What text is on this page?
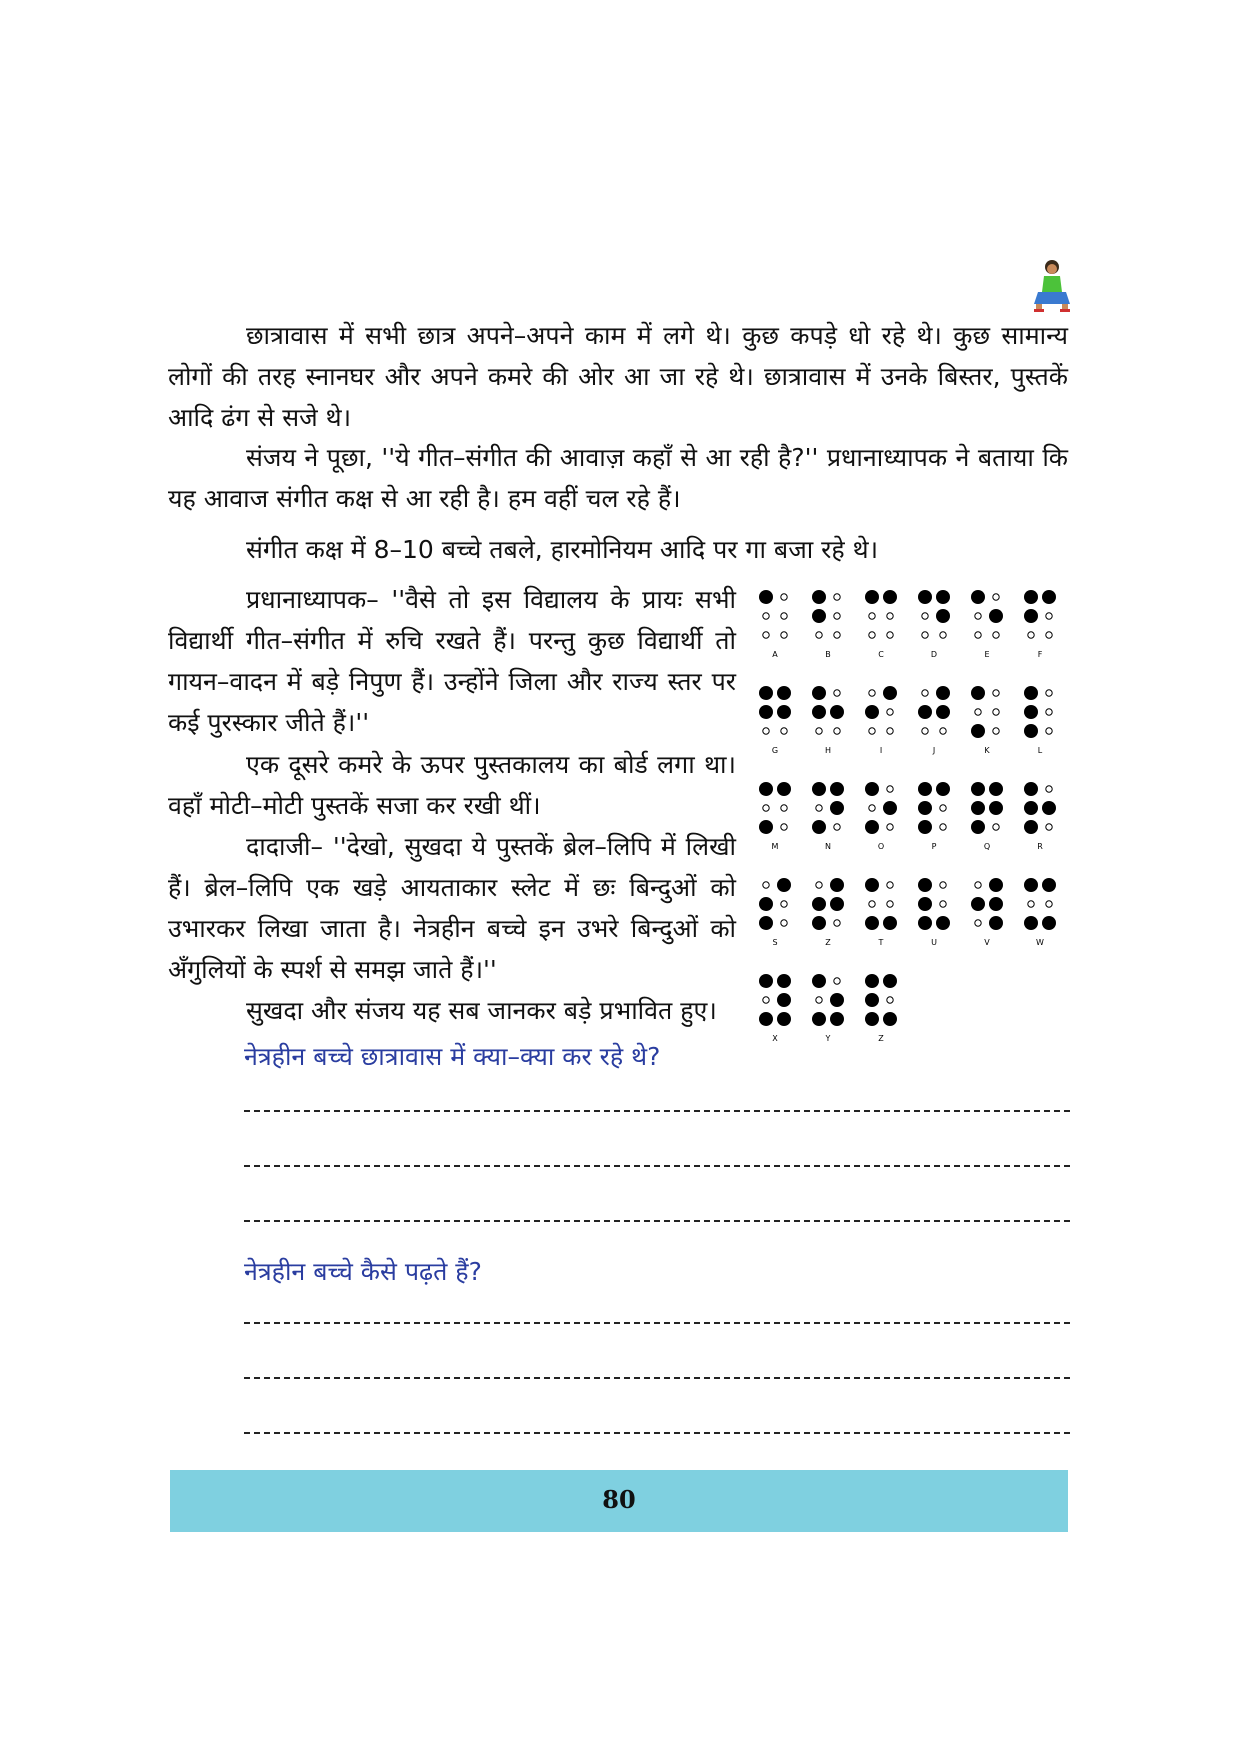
छात्रावास में सभी छात्र अपने–अपने काम में लगे थे। कुछ कपड़े धो रहे थे। कुछ सामान्य लोगों की तरह स्नानघर और अपने कमरे की ओर आ जा रहे थे। छात्रावास में उनके बिस्तर, पुस्तकें आदि ढंग से सजे थे।

संजय ने पूछा, ''ये गीत–संगीत की आवाज़ कहाँ से आ रही है?'' प्रधानाध्यापक ने बताया कि यह आवाज संगीत कक्ष से आ रही है। हम वहीं चल रहे हैं।

संगीत कक्ष में 8–10 बच्चे तबले, हारमोनियम आदि पर गा बजा रहे थे।

प्रधानाध्यापक– ''वैसे तो इस विद्यालय के प्रायः सभी विद्यार्थी गीत–संगीत में रुचि रखते हैं। परन्तु कुछ विद्यार्थी तो गायन–वादन में बड़े निपुण हैं। उन्होंने जिला और राज्य स्तर पर कई पुरस्कार जीते हैं।''

एक दूसरे कमरे के ऊपर पुस्तकालय का बोर्ड लगा था। वहाँ मोटी–मोटी पुस्तकें सजा कर रखी थीं।

दादाजी– ''देखो, सुखदा ये पुस्तकें ब्रेल–लिपि में लिखी हैं। ब्रेल–लिपि एक खड़े आयताकार स्लेट में छः बिन्दुओं को उभारकर लिखा जाता है। नेत्रहीन बच्चे इन उभरे बिन्दुओं को अँगुलियों के स्पर्श से समझ जाते हैं।''

सुखदा और संजय यह सब जानकर बड़े प्रभावित हुए।

A	B	C	D	E	F
G	H	I	J	K	L
M	N	O	P	Q	R
S	Z	T	U	V	W
X	Y	Z

नेत्रहीन बच्चे छात्रावास में क्या–क्या कर रहे थे?

नेत्रहीन बच्चे कैसे पढ़ते हैं?

80
